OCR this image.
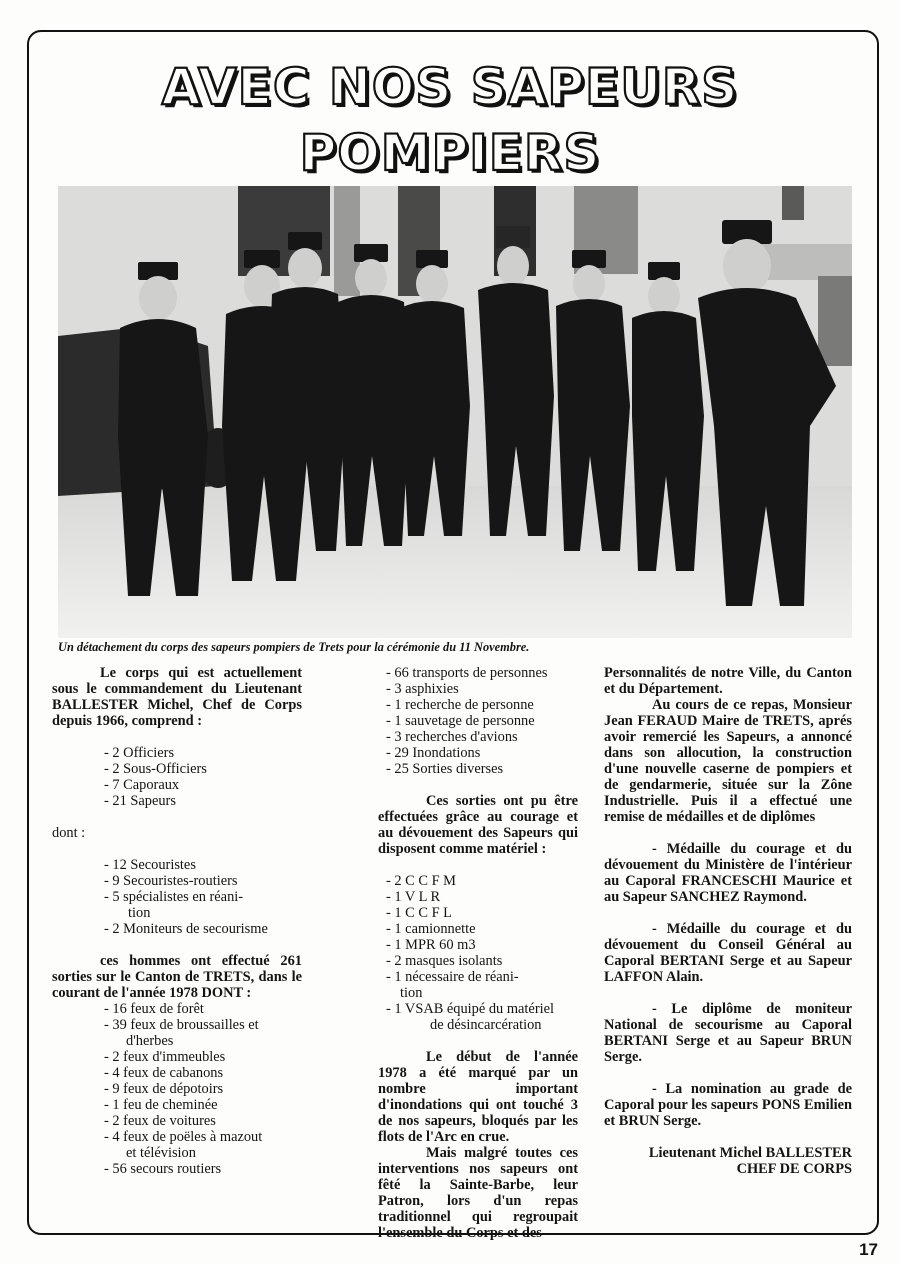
AVEC NOS SAPEURS
POMPIERS
Un détachement du corps des sapeurs pompiers de Trets pour la cérémonie du 11 Novembre.

Le corps qui est actuellement sous le commandement du Lieutenant BALLESTER Michel, Chef de Corps depuis 1966, comprend :

- 2 Officiers
- 2 Sous-Officiers
- 7 Caporaux
- 21 Sapeurs
dont :
- 12 Secouristes
- 9 Secouristes-routiers
- 5 spécialistes en réani-
tion
- 2 Moniteurs de secourisme

ces hommes ont effectué 261 sorties sur le Canton de TRETS, dans le courant de l'année 1978 DONT :

- 16 feux de forêt
- 39 feux de broussailles et
d'herbes
- 2 feux d'immeubles
- 4 feux de cabanons
- 9 feux de dépotoirs
- 1 feu de cheminée
- 2 feux de voitures
- 4 feux de poëles à mazout
et télévision
- 56 secours routiers
- 66 transports de personnes
- 3 asphixies
- 1 recherche de personne
- 1 sauvetage de personne
- 3 recherches d'avions
- 29 Inondations
- 25 Sorties diverses

Ces sorties ont pu être effectuées grâce au courage et au dévouement des Sapeurs qui disposent comme matériel :

- 2 C C F M
- 1 V L R
- 1 C C F L
- 1 camionnette
- 1 MPR 60 m3
- 2 masques isolants
- 1 nécessaire de réani-
tion
- 1 VSAB équipé du matériel
de désincarcération

Le début de l'année 1978 a été marqué par un nombre important d'inondations qui ont touché 3 de nos sapeurs, bloqués par les flots de l'Arc en crue.

Mais malgré toutes ces interventions nos sapeurs ont fêté la Sainte-Barbe, leur Patron, lors d'un repas traditionnel qui regroupait l'ensemble du Corps et des

Personnalités de notre Ville, du Canton et du Département.

Au cours de ce repas, Monsieur Jean FERAUD Maire de TRETS, aprés avoir remercié les Sapeurs, a annoncé dans son allocution, la construction d'une nouvelle caserne de pompiers et de gendarmerie, située sur la Zône Industrielle. Puis il a effectué une remise de médailles et de diplômes

- Médaille du courage et du dévouement du Ministère de l'intérieur au Caporal FRANCESCHI Maurice et au Sapeur SANCHEZ Raymond.

- Médaille du courage et du dévouement du Conseil Général au Caporal BERTANI Serge et au Sapeur LAFFON Alain.

- Le diplôme de moniteur National de secourisme au Caporal BERTANI Serge et au Sapeur BRUN Serge.

- La nomination au grade de Caporal pour les sapeurs PONS Emilien et BRUN Serge.

Lieutenant Michel BALLESTER
CHEF DE CORPS
17
